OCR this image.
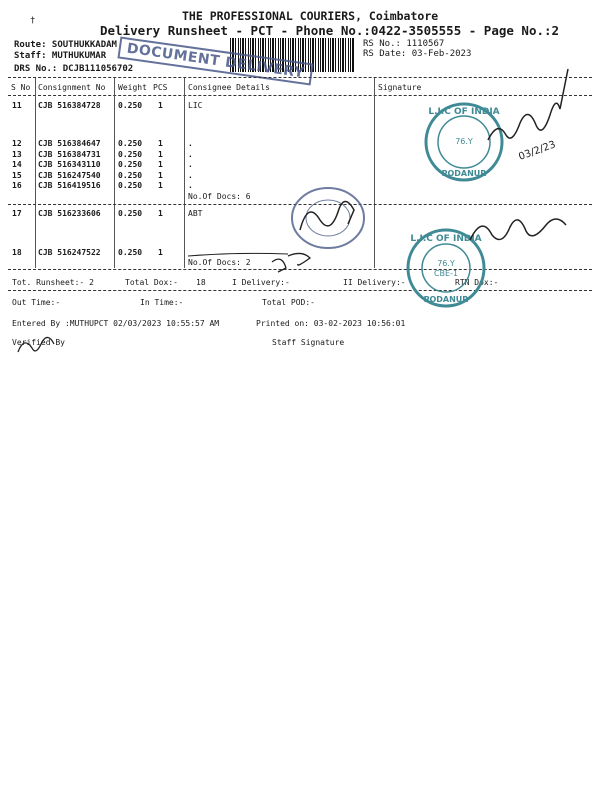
†	THE PROFESSIONAL COURIERS, Coimbatore
Delivery Runsheet - PCT - Phone No.:0422-3505555 - Page No.:2
Route: SOUTHUKKADAM
Staff: MUTHUKUMAR
DRS No.: DCJB111056702
RS No.: 1110567
RS Date: 03-Feb-2023
DOCUMENT DELIVERY
S No Consignment No Weight PCS	Consignee Details	Signature
11 CJB 516384728 0.250 1	LIC
12 CJB 516384647 0.250 1	.
13 CJB 516384731 0.250 1	.
14 CJB 516343110 0.250 1	.
15 CJB 516247540 0.250 1	.
16 CJB 516419516 0.250 1	.
No.Of Docs: 6
17 CJB 516233606 0.250 1	ABT
18 CJB 516247522 0.250 1
No.Of Docs: 2
Tot. Runsheet:- 2	Total Dox:- 18	I Delivery:-	II Delivery:-	RTN Dox:-
Out Time:-	In Time:-	Total POD:-
Entered By :MUTHUPCT 02/03/2023 10:55:57 AM	Printed on: 03-02-2023 10:56:01
Verified By	Staff Signature
L.I.C OF INDIA
PODANUR
76.Y
L.I.C OF INDIA
PODANUR
76.Y
CBE-1
03/2/23
